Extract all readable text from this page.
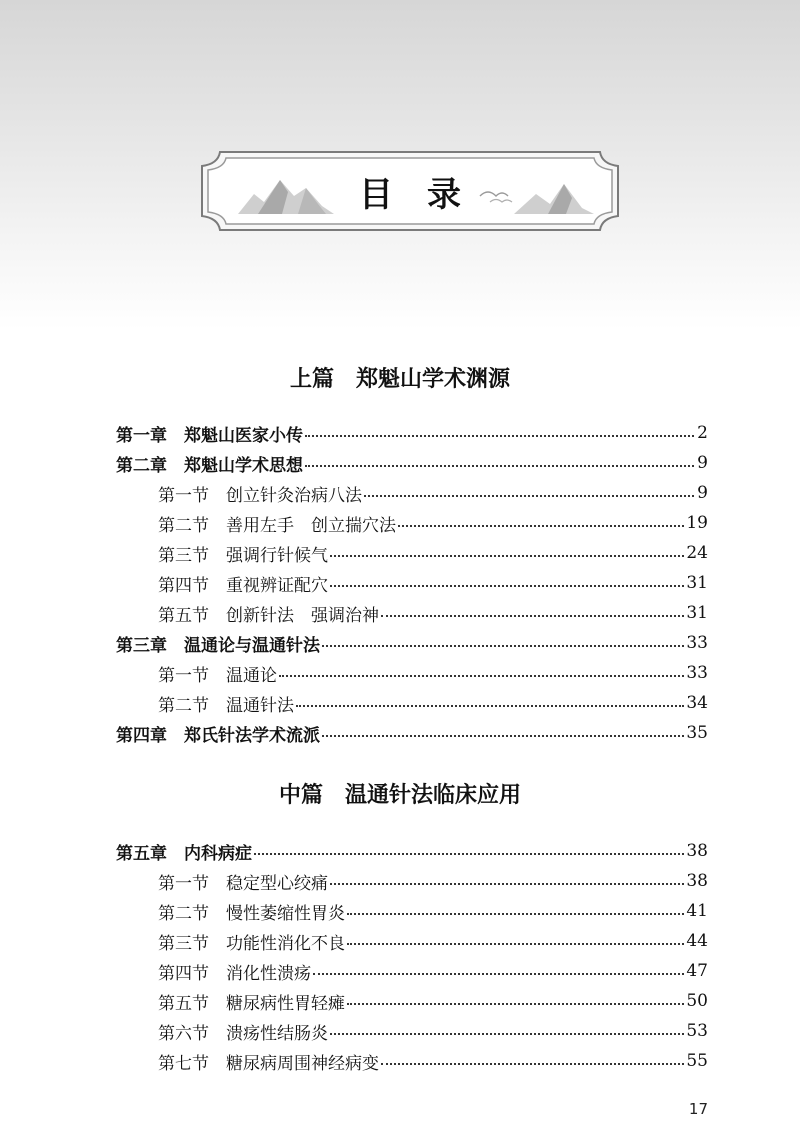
目录
上篇　郑魁山学术渊源
第一章　郑魁山医家小传	2
第二章　郑魁山学术思想	9
第一节　创立针灸治病八法	9
第二节　善用左手　创立揣穴法	19
第三节　强调行针候气	24
第四节　重视辨证配穴	31
第五节　创新针法　强调治神	31
第三章　温通论与温通针法	33
第一节　温通论	33
第二节　温通针法	34
第四章　郑氏针法学术流派	35
中篇　温通针法临床应用
第五章　内科病症	38
第一节　稳定型心绞痛	38
第二节　慢性萎缩性胃炎	41
第三节　功能性消化不良	44
第四节　消化性溃疡	47
第五节　糖尿病性胃轻瘫	50
第六节　溃疡性结肠炎	53
第七节　糖尿病周围神经病变	55
17
